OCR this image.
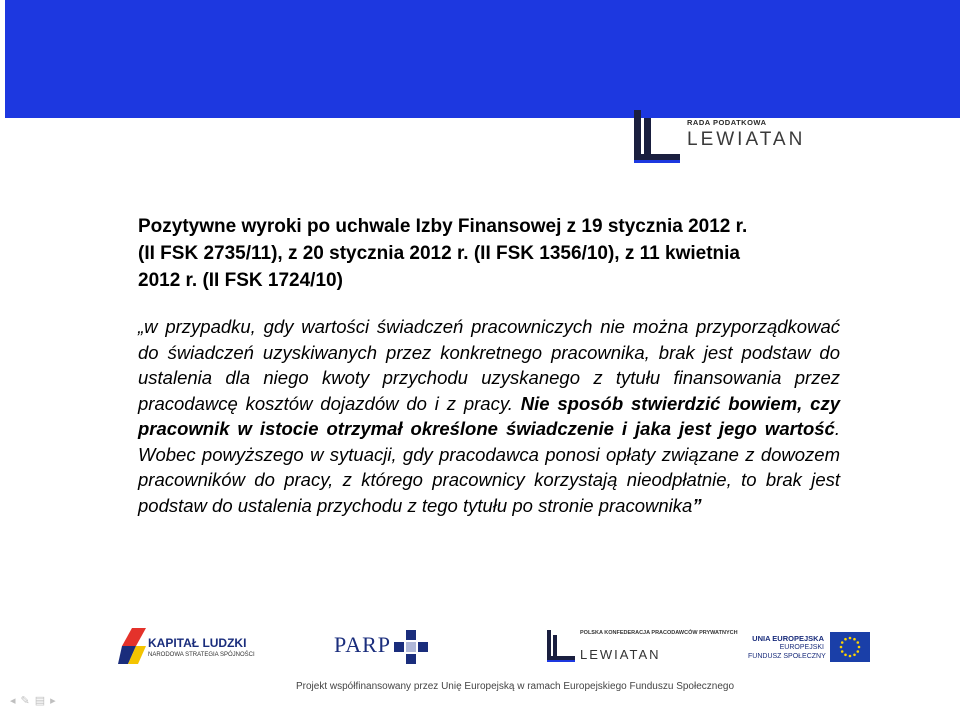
RADA PODATKOWA
LEWIATAN
Pozytywne wyroki po uchwale Izby Finansowej z 19 stycznia 2012 r.
(II FSK 2735/11), z 20 stycznia 2012 r. (II FSK 1356/10), z 11 kwietnia
2012 r. (II FSK 1724/10)
„w przypadku, gdy wartości świadczeń pracowniczych nie można przyporządkować do świadczeń uzyskiwanych przez konkretnego pracownika, brak jest podstaw do ustalenia dla niego kwoty przychodu uzyskanego z tytułu finansowania przez pracodawcę kosztów dojazdów do i z pracy. Nie sposób stwierdzić bowiem, czy pracownik w istocie otrzymał określone świadczenie i jaka jest jego wartość. Wobec powyższego w sytuacji, gdy pracodawca ponosi opłaty związane z dowozem pracowników do pracy, z którego pracownicy korzystają nieodpłatnie, to brak jest podstaw do ustalenia przychodu z tego tytułu po stronie pracownika”
KAPITAŁ LUDZKI
NARODOWA STRATEGIA SPÓJNOŚCI	PARP	POLSKA KONFEDERACJA PRACODAWCÓW PRYWATNYCH
LEWIATAN
UNIA EUROPEJSKA
EUROPEJSKI
FUNDUSZ SPOŁECZNY
Projekt współfinansowany przez Unię Europejską w ramach Europejskiego Funduszu Społecznego
◂✎▤▸
